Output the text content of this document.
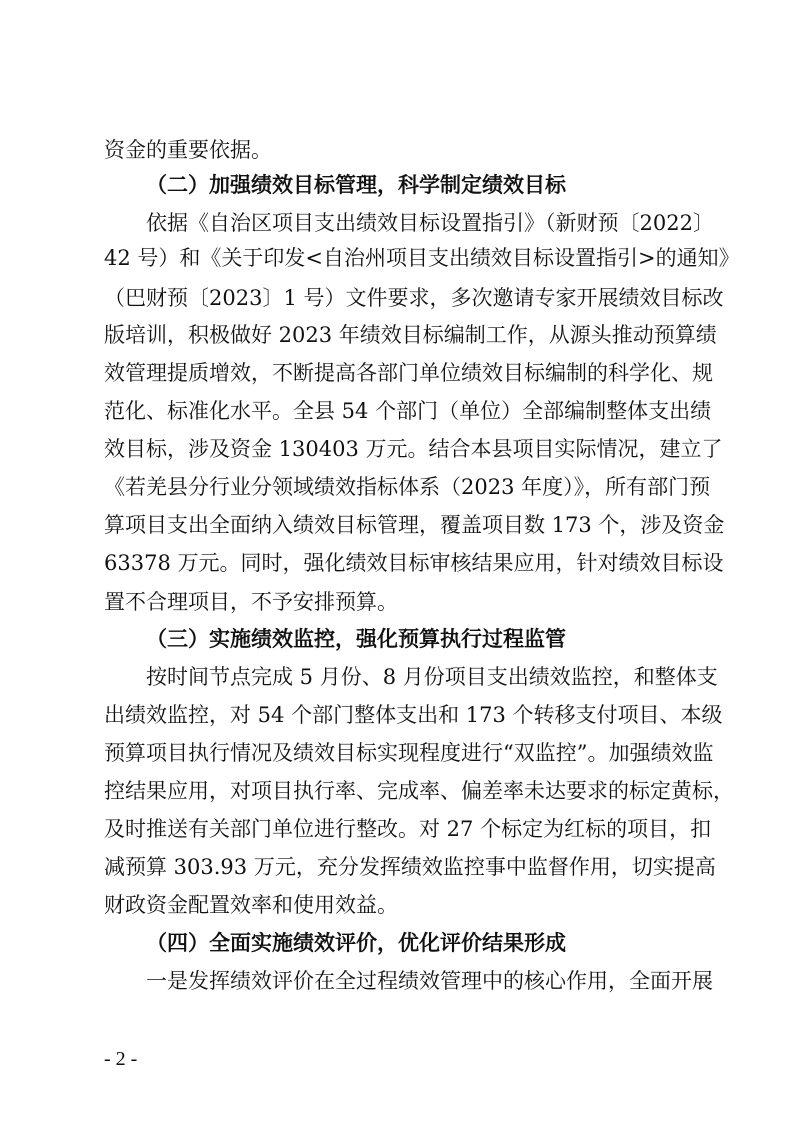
资金的重要依据。
（二）加强绩效目标管理，科学制定绩效目标
依据《自治区项目支出绩效目标设置指引》（新财预〔2022〕
42 号）和《关于印发<自治州项目支出绩效目标设置指引>的通知》
（巴财预〔2023〕1 号）文件要求，多次邀请专家开展绩效目标改
版培训，积极做好 2023 年绩效目标编制工作，从源头推动预算绩
效管理提质增效，不断提高各部门单位绩效目标编制的科学化、规
范化、标准化水平。全县 54 个部门（单位）全部编制整体支出绩
效目标，涉及资金 130403 万元。结合本县项目实际情况，建立了
《若羌县分行业分领域绩效指标体系（2023 年度）》，所有部门预
算项目支出全面纳入绩效目标管理，覆盖项目数 173 个，涉及资金
63378 万元。同时，强化绩效目标审核结果应用，针对绩效目标设
置不合理项目，不予安排预算。
（三）实施绩效监控，强化预算执行过程监管
按时间节点完成 5 月份、8 月份项目支出绩效监控，和整体支
出绩效监控，对 54 个部门整体支出和 173 个转移支付项目、本级
预算项目执行情况及绩效目标实现程度进行“双监控”。加强绩效监
控结果应用，对项目执行率、完成率、偏差率未达要求的标定黄标，
及时推送有关部门单位进行整改。对 27 个标定为红标的项目，扣
减预算 303.93 万元，充分发挥绩效监控事中监督作用，切实提高
财政资金配置效率和使用效益。
（四）全面实施绩效评价，优化评价结果形成
一是发挥绩效评价在全过程绩效管理中的核心作用，全面开展
- 2 -
